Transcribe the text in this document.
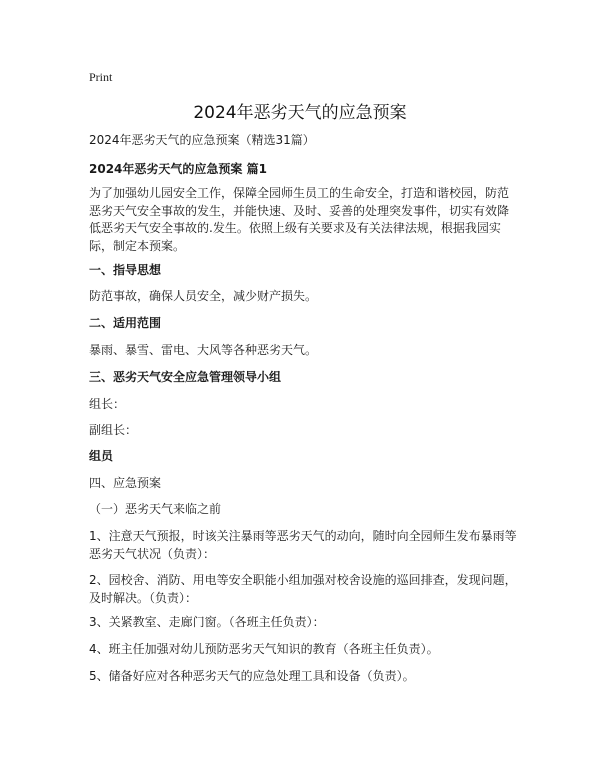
Print
2024年恶劣天气的应急预案
2024年恶劣天气的应急预案（精选31篇）
2024年恶劣天气的应急预案 篇1
为了加强幼儿园安全工作，保障全园师生员工的生命安全，打造和谐校园，防范恶劣天气安全事故的发生，并能快速、及时、妥善的处理突发事件，切实有效降低恶劣天气安全事故的.发生。依照上级有关要求及有关法律法规，根据我园实际，制定本预案。
一、指导思想
防范事故，确保人员安全，减少财产损失。
二、适用范围
暴雨、暴雪、雷电、大风等各种恶劣天气。
三、恶劣天气安全应急管理领导小组
组长：
副组长：
组员
四、应急预案
（一）恶劣天气来临之前
1、注意天气预报，时该关注暴雨等恶劣天气的动向，随时向全园师生发布暴雨等恶劣天气状况（负责）：
2、园校舍、消防、用电等安全职能小组加强对校舍设施的巡回排查，发现问题，及时解决。（负责）：
3、关紧教室、走廊门窗。（各班主任负责）：
4、班主任加强对幼儿预防恶劣天气知识的教育（各班主任负责）。
5、储备好应对各种恶劣天气的应急处理工具和设备（负责）。
